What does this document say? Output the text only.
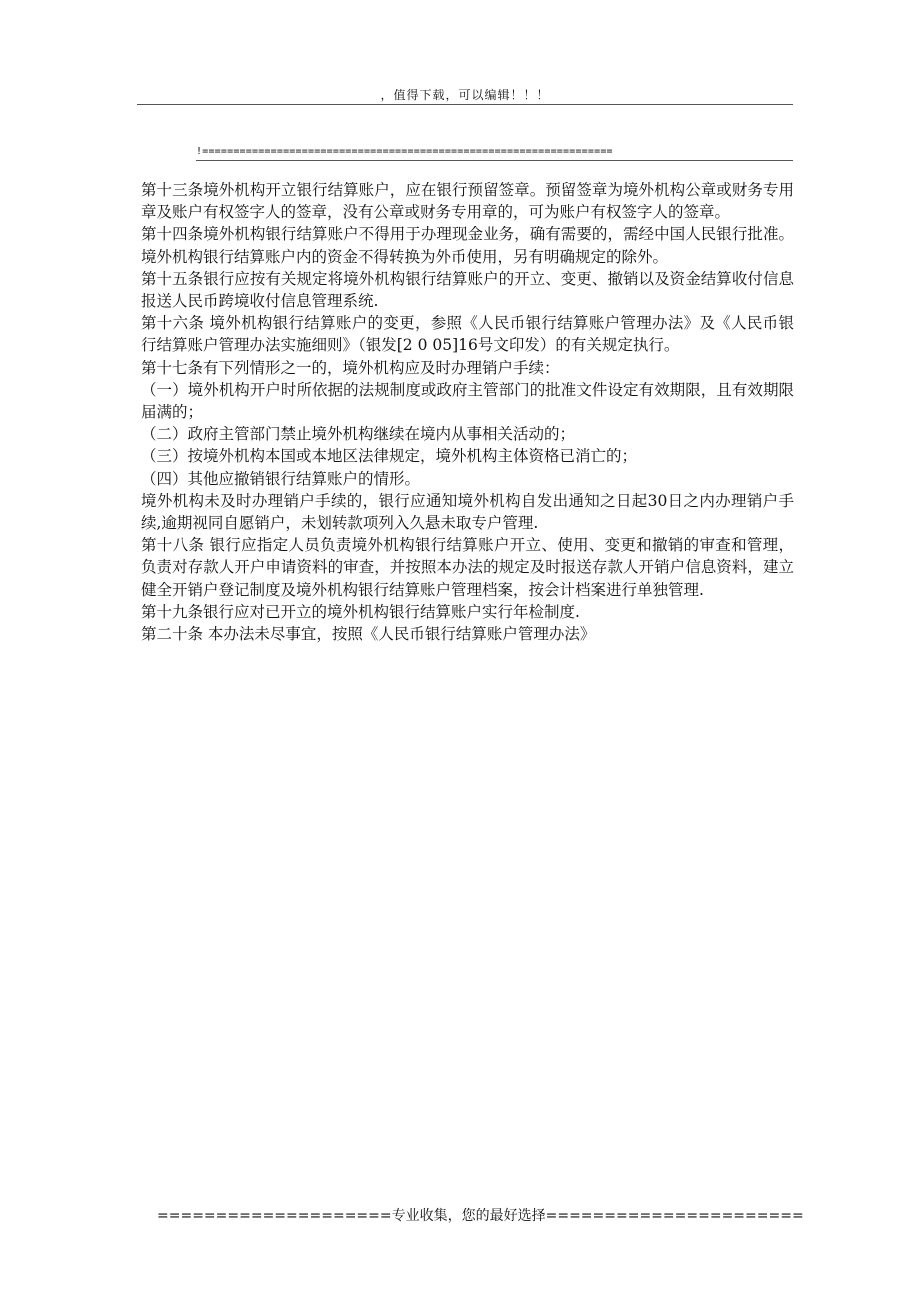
，值得下载，可以编辑！！！
!==================================================================

第十三条境外机构开立银行结算账户，应在银行预留签章。预留签章为境外机构公章或财务专用章及账户有权签字人的签章，没有公章或财务专用章的，可为账户有权签字人的签章。

第十四条境外机构银行结算账户不得用于办理现金业务，确有需要的，需经中国人民银行批准。境外机构银行结算账户内的资金不得转换为外币使用，另有明确规定的除外。

第十五条银行应按有关规定将境外机构银行结算账户的开立、变更、撤销以及资金结算收付信息报送人民币跨境收付信息管理系统.

第十六条 境外机构银行结算账户的变更，参照《人民币银行结算账户管理办法》及《人民币银行结算账户管理办法实施细则》（银发[2 0 05]16号文印发）的有关规定执行。

第十七条有下列情形之一的，境外机构应及时办理销户手续：

（一）境外机构开户时所依据的法规制度或政府主管部门的批准文件设定有效期限，且有效期限届满的；

（二）政府主管部门禁止境外机构继续在境内从事相关活动的；

（三）按境外机构本国或本地区法律规定，境外机构主体资格已消亡的；

（四）其他应撤销银行结算账户的情形。

境外机构未及时办理销户手续的，银行应通知境外机构自发出通知之日起30日之内办理销户手续,逾期视同自愿销户，未划转款项列入久悬未取专户管理.

第十八条 银行应指定人员负责境外机构银行结算账户开立、使用、变更和撤销的审查和管理，负责对存款人开户申请资料的审查，并按照本办法的规定及时报送存款人开销户信息资料，建立健全开销户登记制度及境外机构银行结算账户管理档案，按会计档案进行单独管理.

第十九条银行应对已开立的境外机构银行结算账户实行年检制度.

第二十条 本办法未尽事宜，按照《人民币银行结算账户管理办法》

====================专业收集，您的最好选择======================
